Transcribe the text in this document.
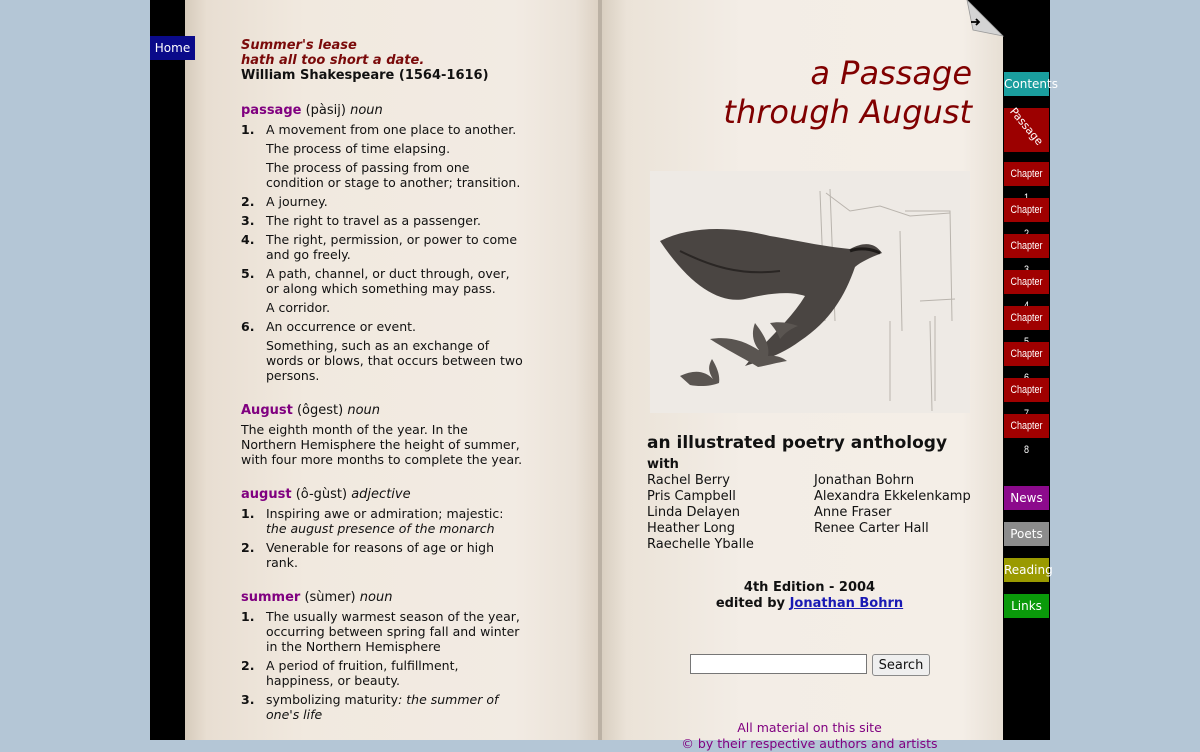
Summer's lease
hath all too short a date.
William Shakespeare (1564-1616)
passage (pàsij) noun
1. A movement from one place to another.
The process of time elapsing.
The process of passing from one condition or stage to another; transition.
2. A journey.
3. The right to travel as a passenger.
4. The right, permission, or power to come and go freely.
5. A path, channel, or duct through, over, or along which something may pass.
A corridor.
6. An occurrence or event.
Something, such as an exchange of words or blows, that occurs between two persons.
August (ôgest) noun
The eighth month of the year. In the Northern Hemisphere the height of summer, with four more months to complete the year.
august (ô-gùst) adjective
1. Inspiring awe or admiration; majestic:
the august presence of the monarch
2. Venerable for reasons of age or high rank.
summer (sùmer) noun
1. The usually warmest season of the year, occurring between spring fall and winter in the Northern Hemisphere
2. A period of fruition, fulfillment, happiness, or beauty.
3. symbolizing maturity: the summer of one's life
a Passage
through August
an illustrated poetry anthology
with
Rachel Berry
Pris Campbell
Linda Delayen
Heather Long
Raechelle Yballe
Jonathan Bohrn
Alexandra Ekkelenkamp
Anne Fraser
Renee Carter Hall
4th Edition - 2004
edited by Jonathan Bohrn
Search
All material on this site
© by their respective authors and artists
Home
Contents
Passage
Chapter
Chapter
Chapter
Chapter
Chapter
Chapter
Chapter
Chapter 8
News
Poets
Reading
Links
